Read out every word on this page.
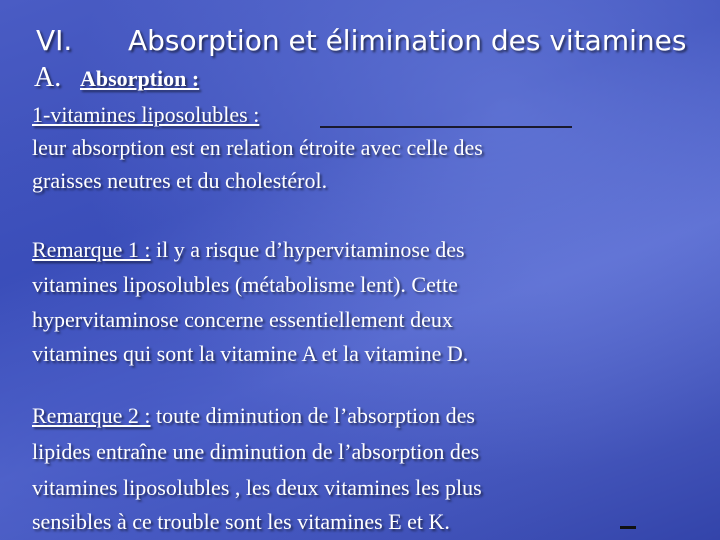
VI. Absorption et élimination des vitamines
A. Absorption :
1-vitamines liposolubles :
leur absorption est en relation étroite avec celle des
graisses neutres et du cholestérol.
Remarque 1 : il y a risque d’hypervitaminose des
vitamines liposolubles (métabolisme lent). Cette
hypervitaminose concerne essentiellement deux
vitamines qui sont la vitamine A et la vitamine D.
Remarque 2 : toute diminution de l’absorption des
lipides entraîne une diminution de l’absorption des
vitamines liposolubles , les deux vitamines les plus
sensibles à ce trouble sont les vitamines E et K.
